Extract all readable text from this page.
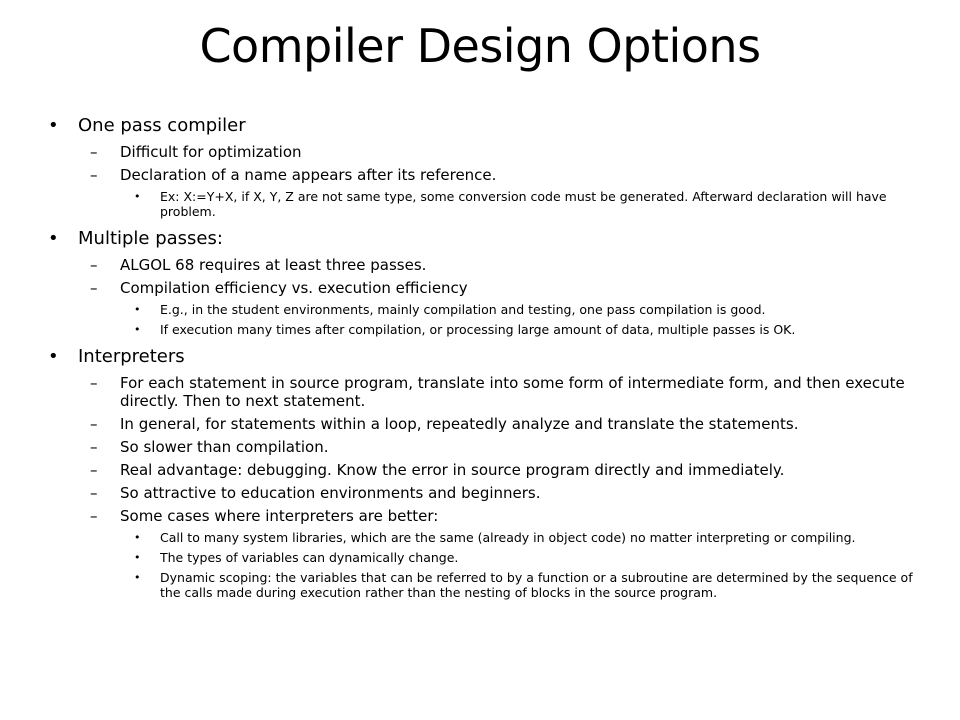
Compiler Design Options
•	One pass compiler
–	Difficult for optimization
–	Declaration of a name appears after its reference.
•	Ex: X:=Y+X, if X, Y, Z are not same type, some conversion code must be generated. Afterward declaration will have problem.
•	Multiple passes:
–	ALGOL 68 requires at least three passes.
–	Compilation efficiency vs. execution efficiency
•	E.g., in the student environments, mainly compilation and testing, one pass compilation is good.
•	If execution many times after compilation, or processing large amount of data, multiple passes is OK.
•	Interpreters
–	For each statement in source program, translate into some form of intermediate form, and then execute directly. Then to next statement.
–	In general, for statements within a loop, repeatedly analyze and translate the statements.
–	So slower than compilation.
–	Real advantage: debugging. Know the error in source program directly and immediately.
–	So attractive to education environments and beginners.
–	Some cases where interpreters are better:
•	Call to many system libraries, which are the same (already in object code) no matter interpreting or compiling.
•	The types of variables can dynamically change.
•	Dynamic scoping: the variables that can be referred to by a function or a subroutine are determined by the sequence of the calls made during execution rather than the nesting of blocks in the source program.
